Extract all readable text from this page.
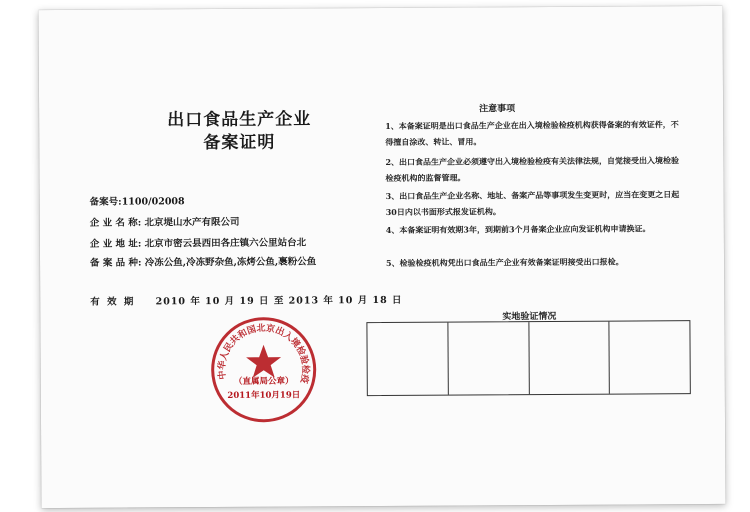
出口食品生产企业
备案证明
备案号:1100/02008
企 业 名 称: 北京堤山水产有限公司
企 业 地 址: 北京市密云县西田各庄镇六公里站台北
备 案 品 种: 冷冻公鱼,冷冻野杂鱼,冻烤公鱼,裹粉公鱼
有 效 期 2010 年 10 月 19 日 至 2013 年 10 月 18 日
注意事项
1、本备案证明是出口食品生产企业在出入境检验检疫机构获得备案的有效证件，不得擅自涂改、转让、冒用。
2、出口食品生产企业必须遵守出入境检验检疫有关法律法规，自觉接受出入境检验检疫机构的监督管理。
3、出口食品生产企业名称、地址、备案产品等事项发生变更时，应当在变更之日起30日内以书面形式报发证机构。
4、本备案证明有效期3年，到期前3个月备案企业应向发证机构申请换证。
5、检验检疫机构凭出口食品生产企业有效备案证明接受出口报检。
实地验证情况
中华人民共和国北京出入境检验检疫局
（直属局公章）
2011年10月19日
